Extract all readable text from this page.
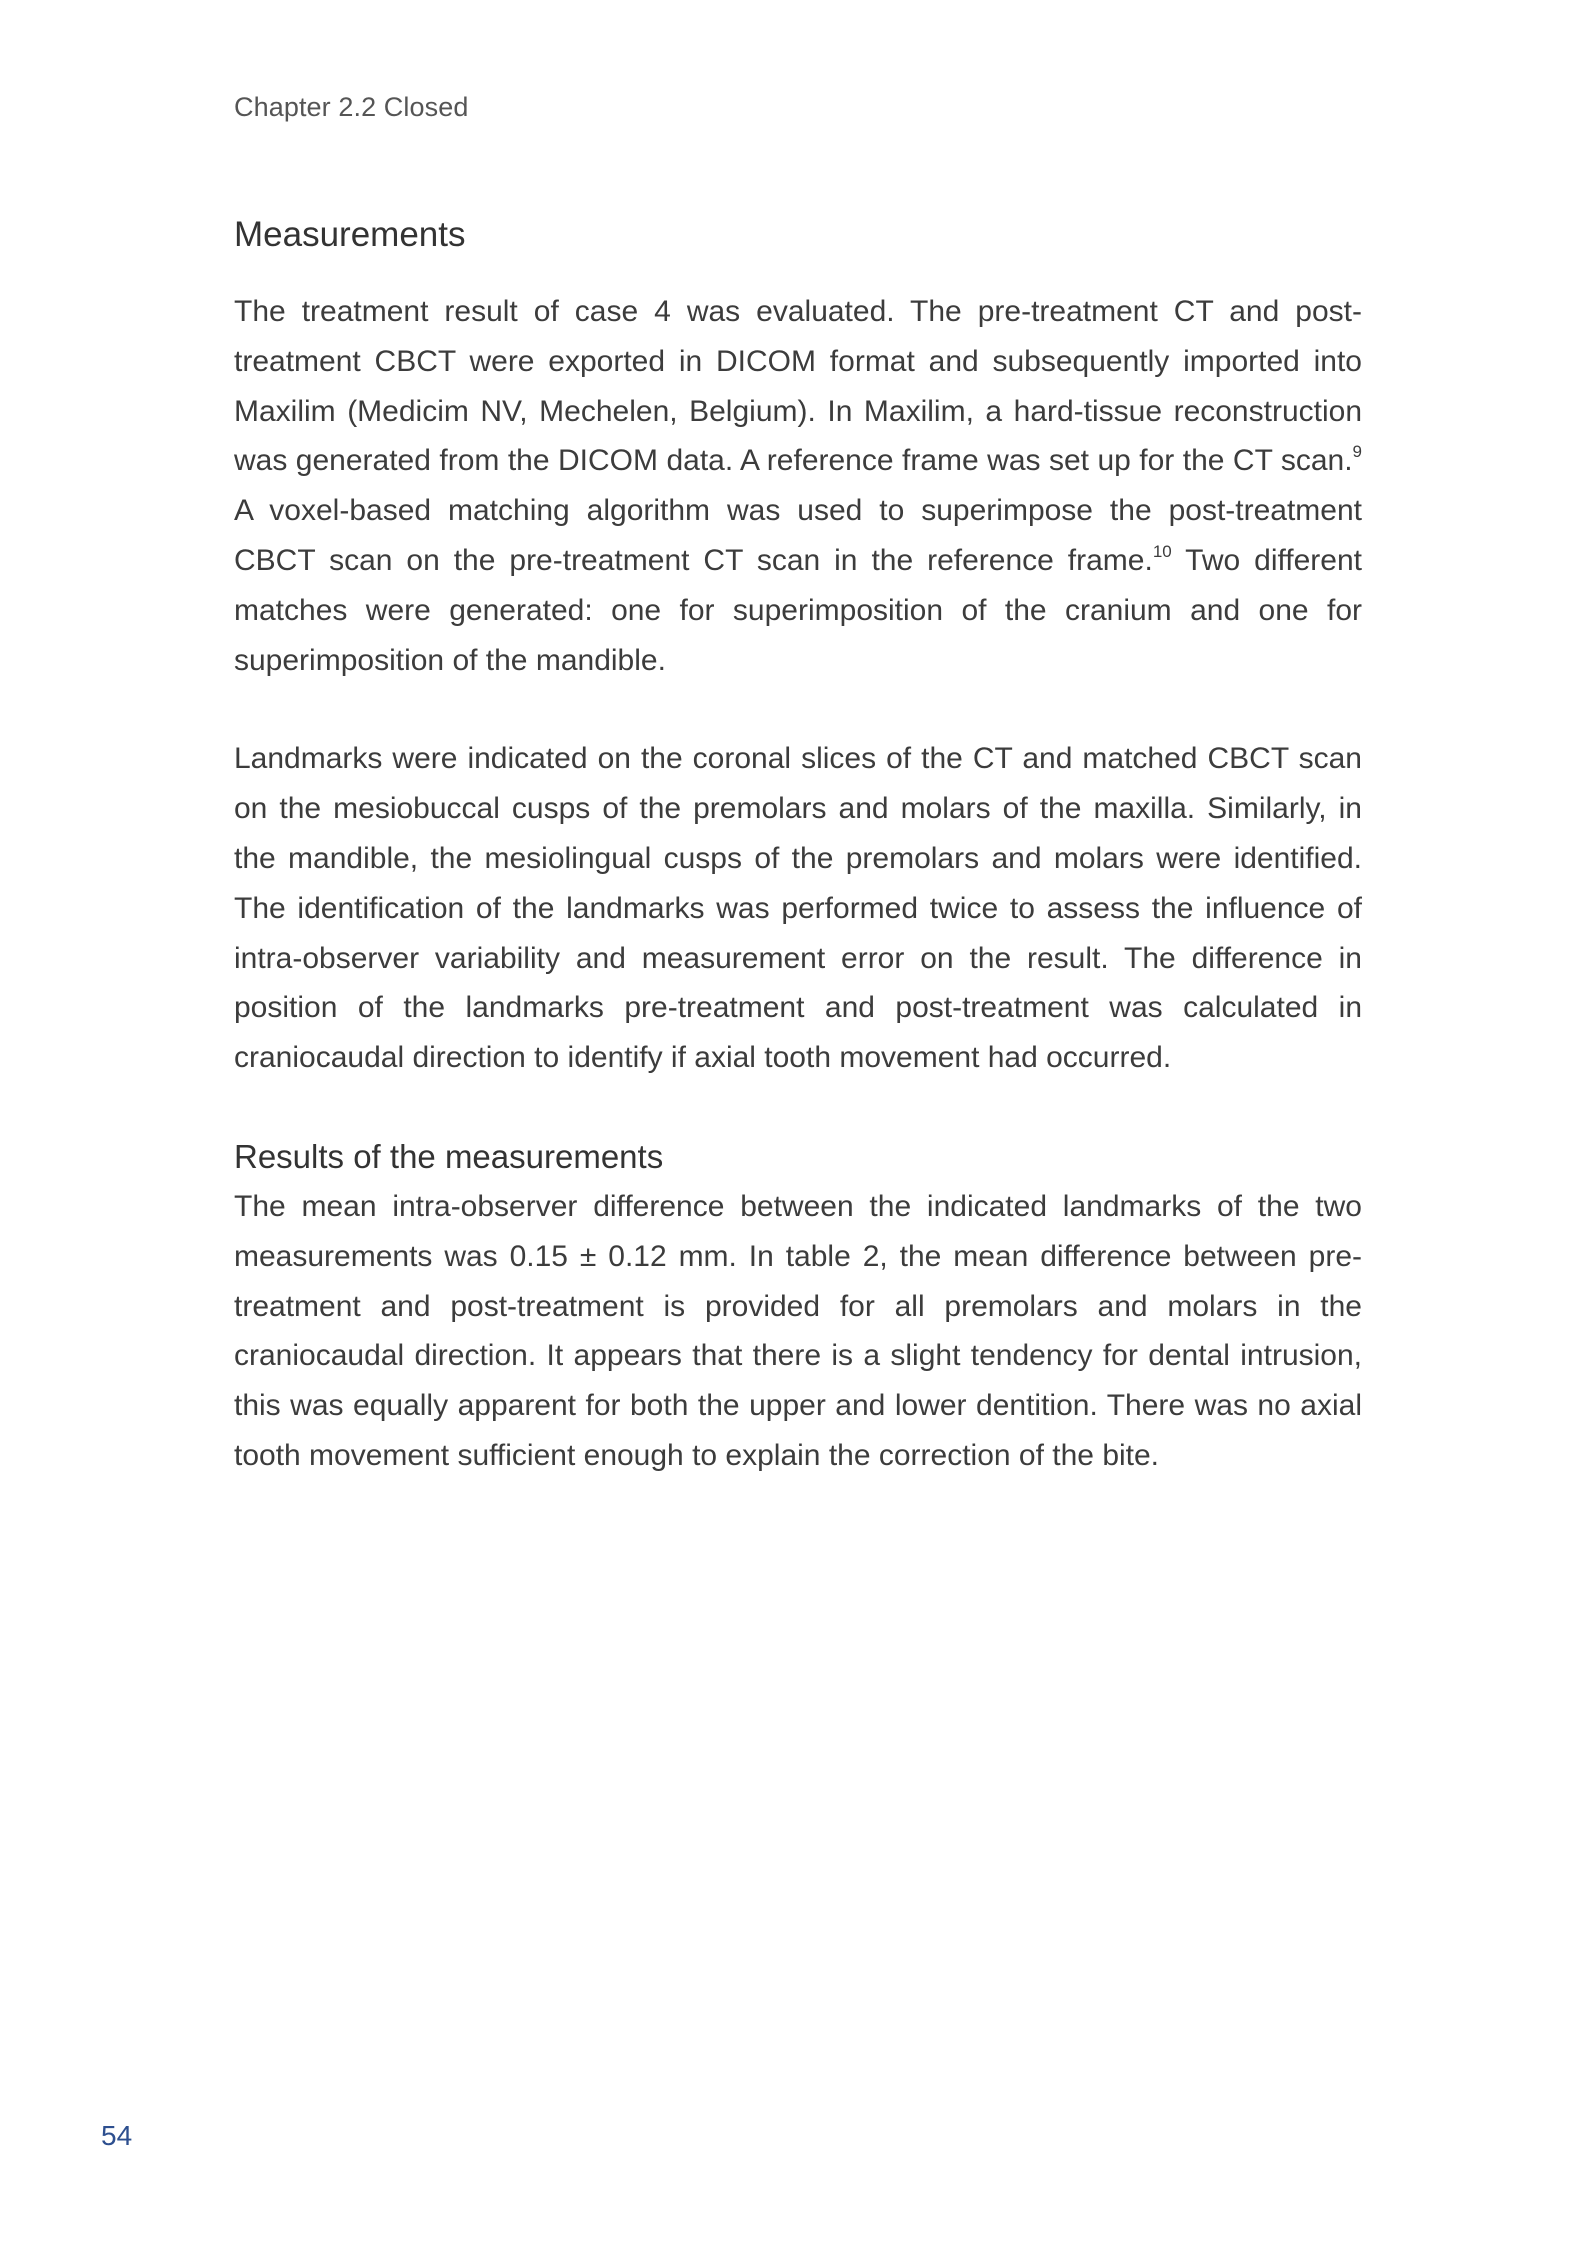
Chapter 2.2 Closed
Measurements

The treatment result of case 4 was evaluated. The pre-treatment CT and post-treatment CBCT were exported in DICOM format and subsequently imported into Maxilim (Medicim NV, Mechelen, Belgium). In Maxilim, a hard-tissue reconstruction was generated from the DICOM data. A reference frame was set up for the CT scan.$^9$ A voxel-based matching algorithm was used to superimpose the post-treatment CBCT scan on the pre-treatment CT scan in the reference frame.$^{10}$ Two different matches were generated: one for superimposition of the cranium and one for superimposition of the mandible.

Landmarks were indicated on the coronal slices of the CT and matched CBCT scan on the mesiobuccal cusps of the premolars and molars of the maxilla. Similarly, in the mandible, the mesiolingual cusps of the premolars and molars were identified. The identification of the landmarks was performed twice to assess the influence of intra-observer variability and measurement error on the result. The difference in position of the landmarks pre-treatment and post-treatment was calculated in craniocaudal direction to identify if axial tooth movement had occurred.

Results of the measurements

The mean intra-observer difference between the indicated landmarks of the two measurements was 0.15 ± 0.12 mm. In table 2, the mean difference between pre-treatment and post-treatment is provided for all premolars and molars in the craniocaudal direction. It appears that there is a slight tendency for dental intrusion, this was equally apparent for both the upper and lower dentition. There was no axial tooth movement sufficient enough to explain the correction of the bite.

54
